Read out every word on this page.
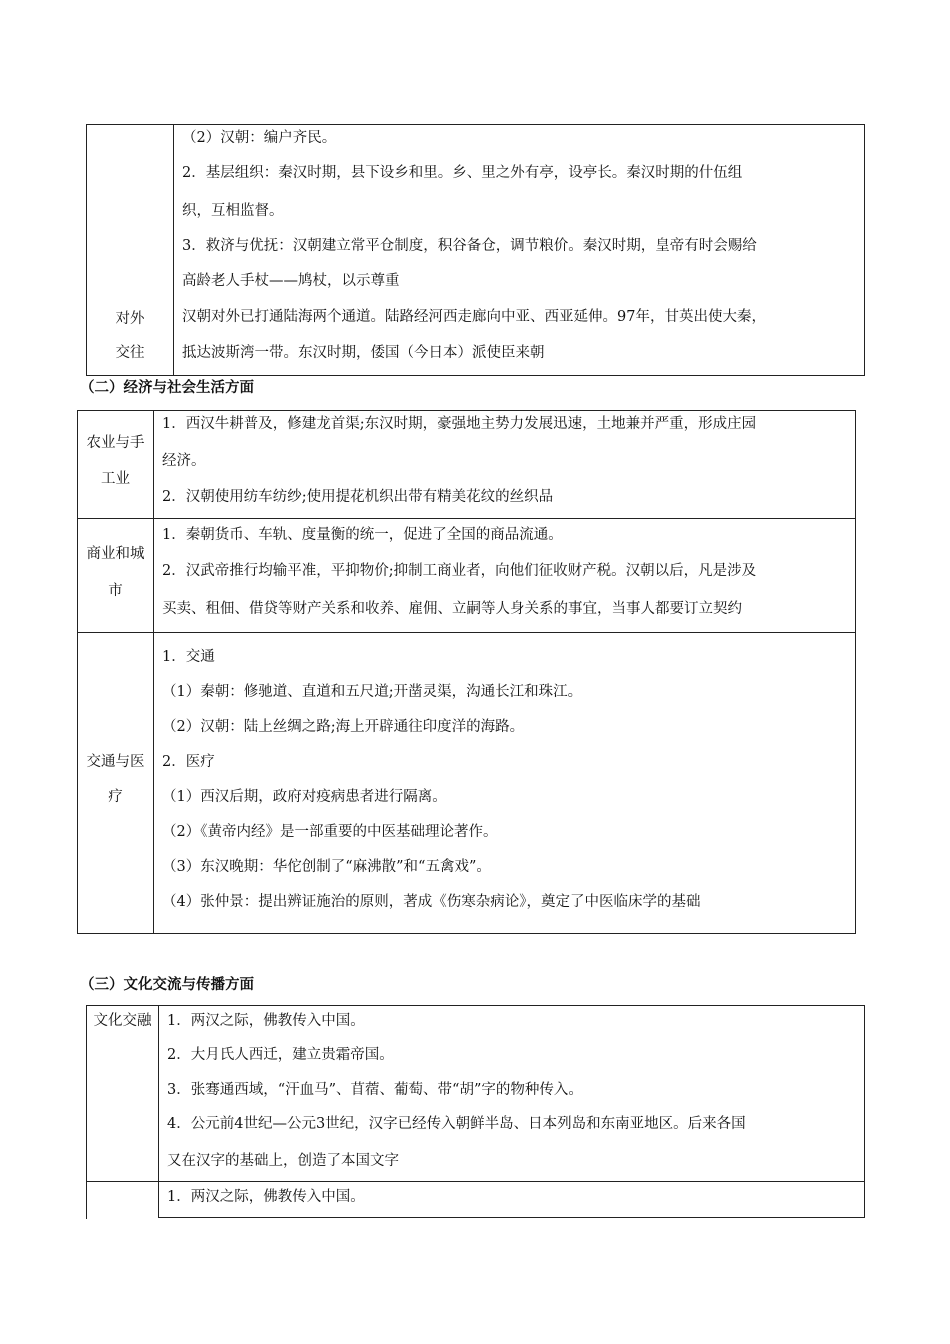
对外
交往
（2）汉朝：编户齐民。
2．基层组织：秦汉时期，县下设乡和里。乡、里之外有亭，设亭长。秦汉时期的什伍组
织，互相监督。
3．救济与优抚：汉朝建立常平仓制度，积谷备仓，调节粮价。秦汉时期，皇帝有时会赐给
高龄老人手杖——鸠杖，以示尊重
汉朝对外已打通陆海两个通道。陆路经河西走廊向中亚、西亚延伸。97年，甘英出使大秦，
抵达波斯湾一带。东汉时期，倭国（今日本）派使臣来朝
（二）经济与社会生活方面
农业与手
工业
1．西汉牛耕普及，修建龙首渠;东汉时期，豪强地主势力发展迅速，土地兼并严重，形成庄园
经济。
2．汉朝使用纺车纺纱;使用提花机织出带有精美花纹的丝织品
商业和城
市
1．秦朝货币、车轨、度量衡的统一，促进了全国的商品流通。
2．汉武帝推行均输平准，平抑物价;抑制工商业者，向他们征收财产税。汉朝以后，凡是涉及
买卖、租佃、借贷等财产关系和收养、雇佣、立嗣等人身关系的事宜，当事人都要订立契约
交通与医
疗
1．交通
（1）秦朝：修驰道、直道和五尺道;开凿灵渠，沟通长江和珠江。
（2）汉朝：陆上丝绸之路;海上开辟通往印度洋的海路。
2．医疗
（1）西汉后期，政府对疫病患者进行隔离。
（2）《黄帝内经》是一部重要的中医基础理论著作。
（3）东汉晚期：华佗创制了“麻沸散”和“五禽戏”。
（4）张仲景：提出辨证施治的原则，著成《伤寒杂病论》，奠定了中医临床学的基础
（三）文化交流与传播方面
文化交融	1．两汉之际，佛教传入中国。
2．大月氏人西迁，建立贵霜帝国。
3．张骞通西域，“汗血马”、苜蓿、葡萄、带“胡”字的物种传入。
4．公元前4世纪—公元3世纪，汉字已经传入朝鲜半岛、日本列岛和东南亚地区。后来各国
又在汉字的基础上，创造了本国文字
1．两汉之际，佛教传入中国。
